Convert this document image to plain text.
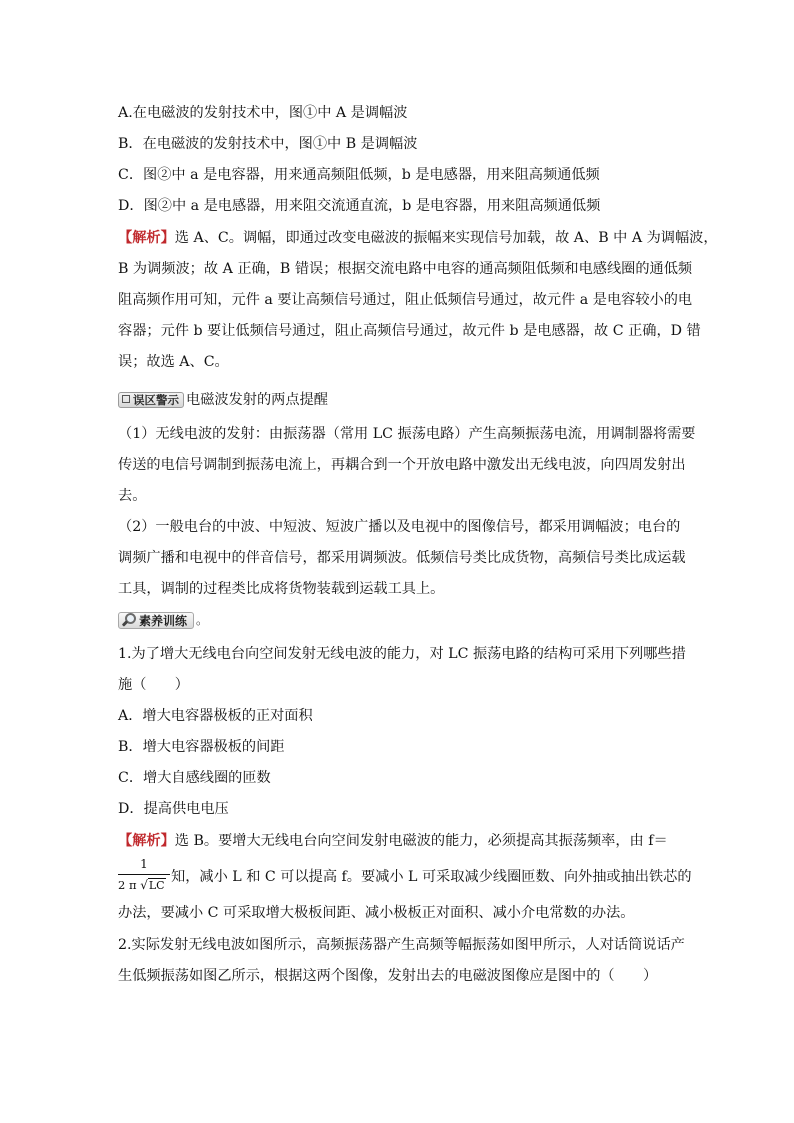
A.在电磁波的发射技术中，图①中 A 是调幅波
B．在电磁波的发射技术中，图①中 B 是调幅波
C．图②中 a 是电容器，用来通高频阻低频，b 是电感器，用来阻高频通低频
D．图②中 a 是电感器，用来阻交流通直流，b 是电容器，用来阻高频通低频
【解析】选 A、C。调幅，即通过改变电磁波的振幅来实现信号加载，故 A、B 中 A 为调幅波，
B 为调频波；故 A 正确，B 错误；根据交流电路中电容的通高频阻低频和电感线圈的通低频
阻高频作用可知，元件 a 要让高频信号通过，阻止低频信号通过，故元件 a 是电容较小的电
容器；元件 b 要让低频信号通过，阻止高频信号通过，故元件 b 是电感器，故 C 正确，D 错
误；故选 A、C。
误区警示 电磁波发射的两点提醒
（1）无线电波的发射：由振荡器（常用 LC 振荡电路）产生高频振荡电流，用调制器将需要
传送的电信号调制到振荡电流上，再耦合到一个开放电路中激发出无线电波，向四周发射出
去。
（2）一般电台的中波、中短波、短波广播以及电视中的图像信号，都采用调幅波；电台的
调频广播和电视中的伴音信号，都采用调频波。低频信号类比成货物，高频信号类比成运载
工具，调制的过程类比成将货物装载到运载工具上。
素养训练 。
1.为了增大无线电台向空间发射无线电波的能力，对 LC 振荡电路的结构可采用下列哪些措
施（　　）
A．增大电容器极板的正对面积
B．增大电容器极板的间距
C．增大自感线圈的匝数
D．提高供电电压
【解析】选 B。要增大无线电台向空间发射电磁波的能力，必须提高其振荡频率，由 f＝
1
2 π √LC
知，减小 L 和 C 可以提高 f。要减小 L 可采取减少线圈匝数、向外抽或抽出铁芯的
办法，要减小 C 可采取增大极板间距、减小极板正对面积、减小介电常数的办法。
2.实际发射无线电波如图所示，高频振荡器产生高频等幅振荡如图甲所示，人对话筒说话产
生低频振荡如图乙所示，根据这两个图像，发射出去的电磁波图像应是图中的（　　）
